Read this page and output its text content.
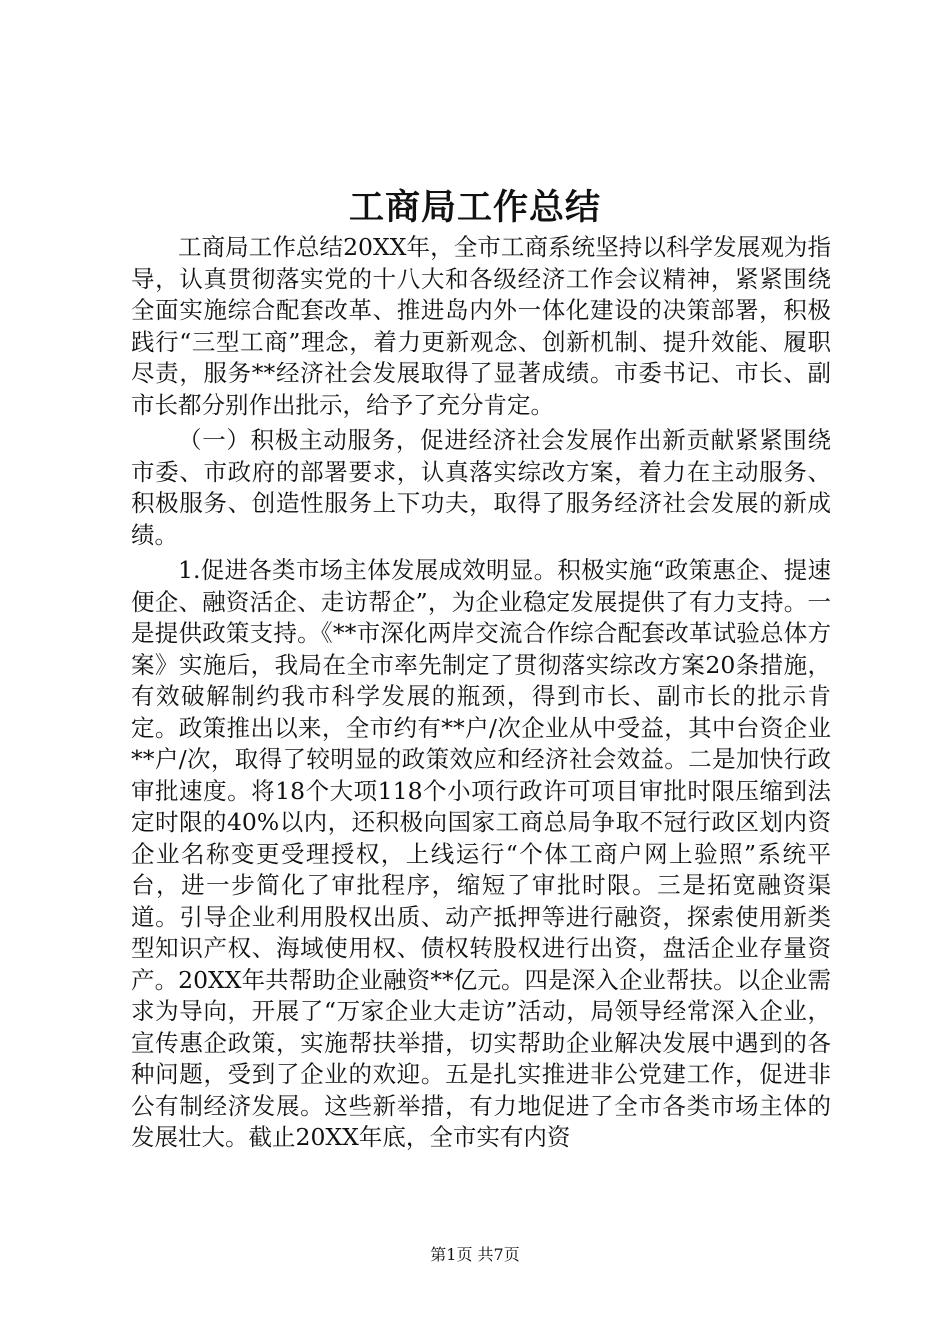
工商局工作总结

工商局工作总结20XX年，全市工商系统坚持以科学发展观为指导，认真贯彻落实党的十八大和各级经济工作会议精神，紧紧围绕全面实施综合配套改革、推进岛内外一体化建设的决策部署，积极践行“三型工商”理念，着力更新观念、创新机制、提升效能、履职尽责，服务**经济社会发展取得了显著成绩。市委书记、市长、副市长都分别作出批示，给予了充分肯定。

（一）积极主动服务，促进经济社会发展作出新贡献紧紧围绕市委、市政府的部署要求，认真落实综改方案，着力在主动服务、积极服务、创造性服务上下功夫，取得了服务经济社会发展的新成绩。

1.促进各类市场主体发展成效明显。积极实施“政策惠企、提速便企、融资活企、走访帮企”，为企业稳定发展提供了有力支持。一是提供政策支持。《**市深化两岸交流合作综合配套改革试验总体方案》实施后，我局在全市率先制定了贯彻落实综改方案20条措施，有效破解制约我市科学发展的瓶颈，得到市长、副市长的批示肯定。政策推出以来，全市约有**户/次企业从中受益，其中台资企业**户/次，取得了较明显的政策效应和经济社会效益。二是加快行政审批速度。将18个大项118个小项行政许可项目审批时限压缩到法定时限的40%以内，还积极向国家工商总局争取不冠行政区划内资企业名称变更受理授权，上线运行“个体工商户网上验照”系统平台，进一步简化了审批程序，缩短了审批时限。三是拓宽融资渠道。引导企业利用股权出质、动产抵押等进行融资，探索使用新类型知识产权、海域使用权、债权转股权进行出资，盘活企业存量资产。20XX年共帮助企业融资**亿元。四是深入企业帮扶。以企业需求为导向，开展了“万家企业大走访”活动，局领导经常深入企业，宣传惠企政策，实施帮扶举措，切实帮助企业解决发展中遇到的各种问题，受到了企业的欢迎。五是扎实推进非公党建工作，促进非公有制经济发展。这些新举措，有力地促进了全市各类市场主体的发展壮大。截止20XX年底，全市实有内资

第1页 共7页
